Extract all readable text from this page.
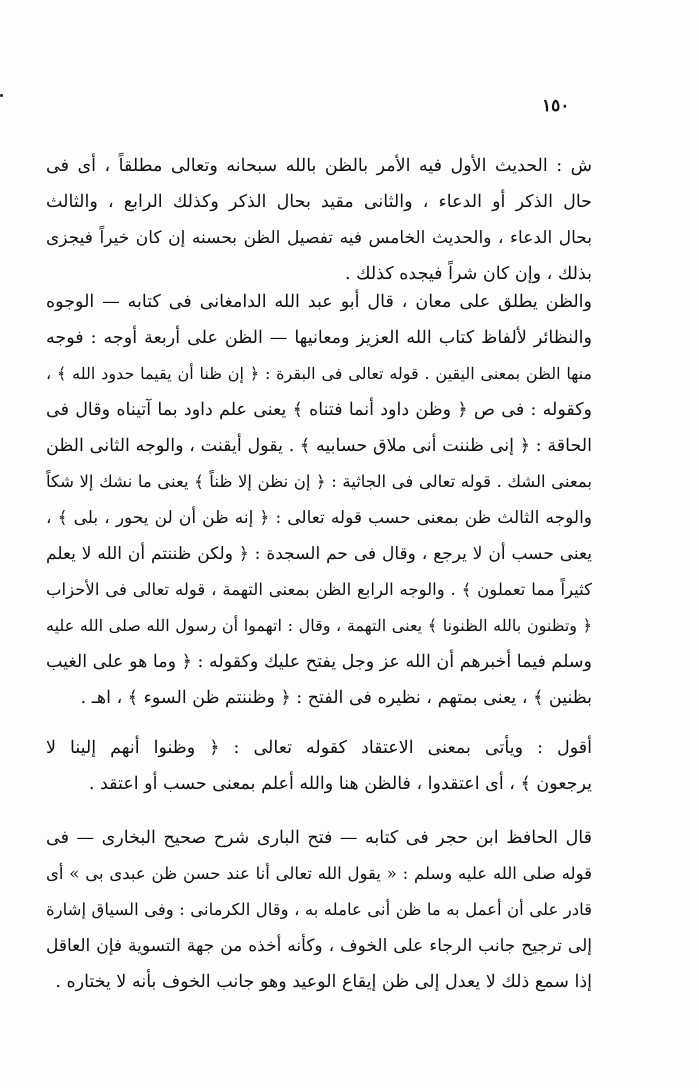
١٥٠
ش : الحديث الأول فيه الأمر بالظن بالله سبحانه وتعالى مطلقاً ، أى فى
حال الذكر أو الدعاء ، والثانى مقيد بحال الذكر وكذلك الرابع ، والثالث
بحال الدعاء ، والحديث الخامس فيه تفصيل الظن بحسنه إن كان خيراً فيجزى
بذلك ، وإن كان شراً فيجده كذلك .
والظن يطلق على معان ، قال أبو عبد الله الدامغانى فى كتابه — الوجوه
والنظائر لألفاظ كتاب الله العزيز ومعانيها — الظن على أربعة أوجه : فوجه
منها الظن بمعنى اليقين . قوله تعالى فى البقرة : ﴿ إن ظنا أن يقيما حدود الله ﴾ ،
وكقوله : فى ص ﴿ وظن داود أنما فتناه ﴾ يعنى علم داود بما آتيناه وقال فى
الحاقة : ﴿ إنى ظننت أنى ملاق حسابيه ﴾ . يقول أيقنت ، والوجه الثانى الظن
بمعنى الشك . قوله تعالى فى الجاثية : ﴿ إن نظن إلا ظناً ﴾ يعنى ما نشك إلا شكاً
والوجه الثالث ظن بمعنى حسب قوله تعالى : ﴿ إنه ظن أن لن يحور ، بلى ﴾ ،
يعنى حسب أن لا يرجع ، وقال فى حم السجدة : ﴿ ولكن ظننتم أن الله لا يعلم
كثيراً مما تعملون ﴾ . والوجه الرابع الظن بمعنى التهمة ، قوله تعالى فى الأحزاب
﴿ وتظنون بالله الظنونا ﴾ يعنى التهمة ، وقال : اتهموا أن رسول الله صلى الله عليه
وسلم فيما أخبرهم أن الله عز وجل يفتح عليك وكقوله : ﴿ وما هو على الغيب
بظنين ﴾ ، يعنى بمتهم ، نظيره فى الفتح : ﴿ وظننتم ظن السوء ﴾ ، اهـ .
أقول : ويأتى بمعنى الاعتقاد كقوله تعالى : ﴿ وظنوا أنهم إلينا لا
يرجعون ﴾ ، أى اعتقدوا ، فالظن هنا والله أعلم بمعنى حسب أو اعتقد .
قال الحافظ ابن حجر فى كتابه — فتح البارى شرح صحيح البخارى — فى
قوله صلى الله عليه وسلم : « يقول الله تعالى أنا عند حسن ظن عبدى بى » أى
قادر على أن أعمل به ما ظن أنى عامله به ، وقال الكرمانى : وفى السياق إشارة
إلى ترجيح جانب الرجاء على الخوف ، وكأنه أخذه من جهة التسوية فإن العاقل
إذا سمع ذلك لا يعدل إلى ظن إيقاع الوعيد وهو جانب الخوف بأنه لا يختاره .
